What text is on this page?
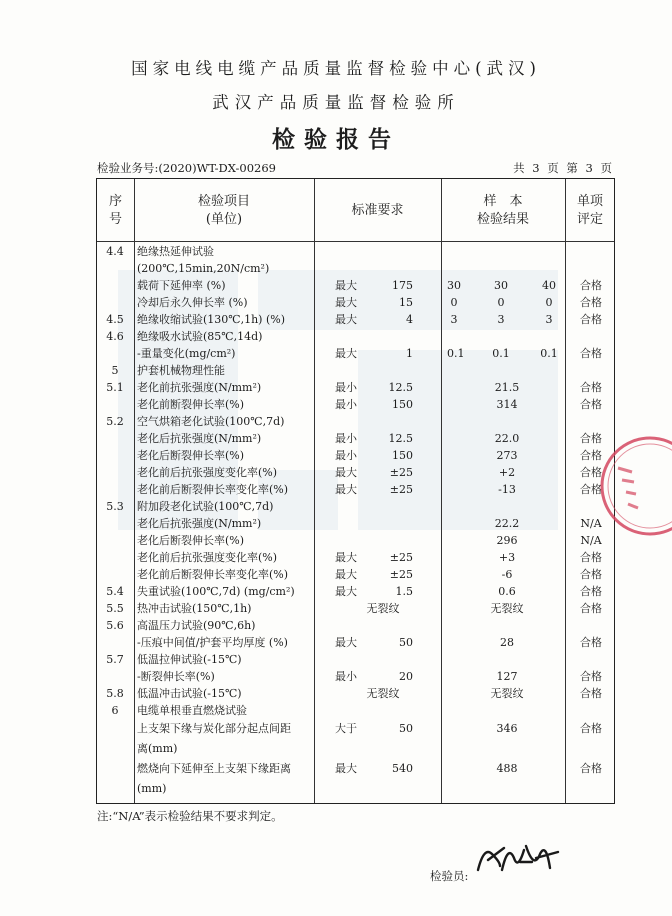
国家电线电缆产品质量监督检验中心(武汉)
武汉产品质量监督检验所
检验报告
检验业务号:(2020)WT-DX-00269	共 3 页 第 3 页
序
号
检验项目
(单位)
标准要求
样　本
检验结果
单项
评定
4.4	绝缘热延伸试验
(200℃,15min,20N/cm²)
载荷下延伸率 (%)	最大	175	30	30	40	合格
冷却后永久伸长率 (%)	最大	15	0	0	0	合格
4.5	绝缘收缩试验(130℃,1h) (%)	最大	4	3	3	3	合格
4.6	绝缘吸水试验(85℃,14d)
-重量变化(mg/cm²)	最大	1	0.1	0.1	0.1	合格
5	护套机械物理性能
5.1	老化前抗张强度(N/mm²)	最小	12.5	21.5	合格
老化前断裂伸长率(%)	最小	150	314	合格
5.2	空气烘箱老化试验(100℃,7d)
老化后抗张强度(N/mm²)	最小	12.5	22.0	合格
老化后断裂伸长率(%)	最小	150	273	合格
老化前后抗张强度变化率(%)	最大	±25	+2	合格
老化前后断裂伸长率变化率(%)	最大	±25	-13	合格
5.3	附加段老化试验(100℃,7d)
老化后抗张强度(N/mm²)	22.2	N/A
老化后断裂伸长率(%)	296	N/A
老化前后抗张强度变化率(%)	最大	±25	+3	合格
老化前后断裂伸长率变化率(%)	最大	±25	-6	合格
5.4	失重试验(100℃,7d) (mg/cm²)	最大	1.5	0.6	合格
5.5	热冲击试验(150℃,1h)	无裂纹	无裂纹	合格
5.6	高温压力试验(90℃,6h)
-压痕中间值/护套平均厚度 (%)	最大	50	28	合格
5.7	低温拉伸试验(-15℃)
-断裂伸长率(%)	最小	20	127	合格
5.8	低温冲击试验(-15℃)	无裂纹	无裂纹	合格
6	电缆单根垂直燃烧试验
上支架下缘与炭化部分起点间距	大于	50	346	合格
离(mm)
燃烧向下延伸至上支架下缘距离	最大	540	488	合格
(mm)
注:“N/A”表示检验结果不要求判定。
检验员:
